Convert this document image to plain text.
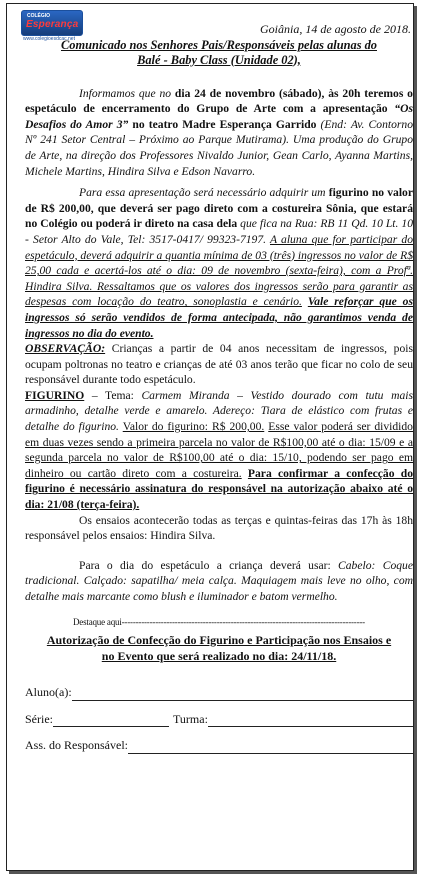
COLÉGIO
Esperança
www.colegioesdcac.net
Goiânia, 14 de agosto de 2018.
Comunicado nos Senhores Pais/Responsáveis pelas alunas do
Balé - Baby Class (Unidade 02),

Informamos que no dia 24 de novembro (sábado), às 20h teremos o espetáculo de encerramento do Grupo de Arte com a apresentação “Os Desafios do Amor 3” no teatro Madre Esperança Garrido (End: Av. Contorno Nº 241 Setor Central – Próximo ao Parque Mutirama). Uma produção do Grupo de Arte, na direção dos Professores Nivaldo Junior, Gean Carlo, Ayanna Martins, Michele Martins, Hindira Silva e Edson Navarro.

Para essa apresentação será necessário adquirir um figurino no valor de R$ 200,00, que deverá ser pago direto com a costureira Sônia, que estará no Colégio ou poderá ir direto na casa dela que fica na Rua: RB 11 Qd. 10 Lt. 10 - Setor Alto do Vale, Tel: 3517-0417/ 99323-7197. A aluna que for participar do espetáculo, deverá adquirir a quantia mínima de 03 (três) ingressos no valor de R$ 25,00 cada e acertá-los até o dia: 09 de novembro (sexta-feira), com a Profª. Hindira Silva. Ressaltamos que os valores dos ingressos serão para garantir as despesas com locação do teatro, sonoplastia e cenário. Vale reforçar que os ingressos só serão vendidos de forma antecipada, não garantimos venda de ingressos no dia do evento.

OBSERVAÇÃO: Crianças a partir de 04 anos necessitam de ingressos, pois ocupam poltronas no teatro e crianças de até 03 anos terão que ficar no colo de seu responsável durante todo espetáculo.

FIGURINO – Tema: Carmem Miranda – Vestido dourado com tutu mais armadinho, detalhe verde e amarelo. Adereço: Tiara de elástico com frutas e detalhe do figurino. Valor do figurino: R$ 200,00. Esse valor poderá ser dividido em duas vezes sendo a primeira parcela no valor de R$100,00 até o dia: 15/09 e a segunda parcela no valor de R$100,00 até o dia: 15/10, podendo ser pago em dinheiro ou cartão direto com a costureira. Para confirmar a confecção do figurino é necessário assinatura do responsável na autorização abaixo até o dia: 21/08 (terça-feira).

Os ensaios acontecerão todas as terças e quintas-feiras das 17h às 18h responsável pelos ensaios: Hindira Silva.

Para o dia do espetáculo a criança deverá usar: Cabelo: Coque tradicional. Calçado: sapatilha/ meia calça. Maquiagem mais leve no olho, com detalhe mais marcante como blush e iluminador e batom vermelho.

Destaque aqui---------------------------------------------------------------------------------------
Autorização de Confecção do Figurino e Participação nos Ensaios e
no Evento que será realizado no dia: 24/11/18.
Aluno(a):
Série:	Turma:
Ass. do Responsável:
